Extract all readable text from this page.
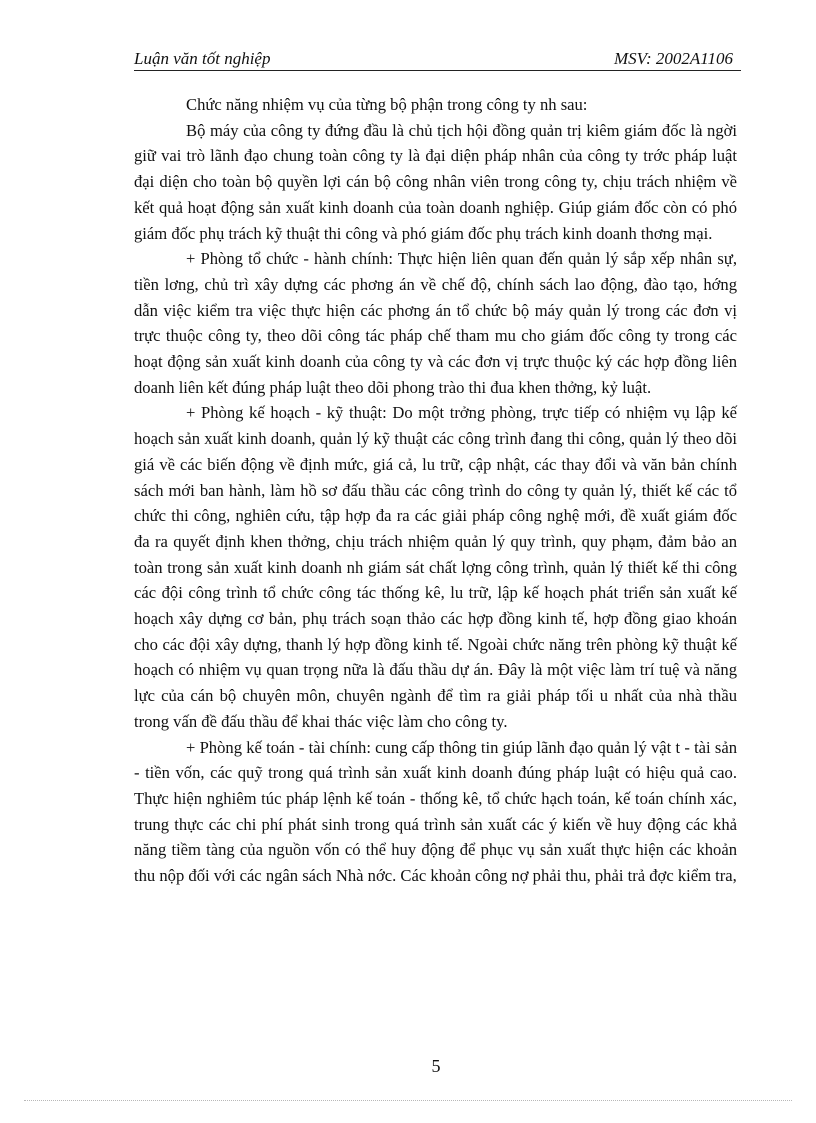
Luận văn tốt nghiệp	MSV: 2002A1106

Chức năng nhiệm vụ của từng bộ phận trong công ty nh sau:

Bộ máy của công ty đứng đầu là chủ tịch hội đồng quản trị kiêm giám đốc là ngời giữ vai trò lãnh đạo chung toàn công ty là đại diện pháp nhân của công ty trớc pháp luật đại diện cho toàn bộ quyền lợi cán bộ công nhân viên trong công ty, chịu trách nhiệm về kết quả hoạt động sản xuất kinh doanh của toàn doanh nghiệp. Giúp giám đốc còn có phó giám đốc phụ trách kỹ thuật thi công và phó giám đốc phụ trách kinh doanh thơng mại.

+ Phòng tổ chức - hành chính: Thực hiện liên quan đến quản lý sắp xếp nhân sự, tiền lơng, chủ trì xây dựng các phơng án về chế độ, chính sách lao động, đào tạo, hớng dẫn việc kiểm tra việc thực hiện các phơng án tổ chức bộ máy quản lý trong các đơn vị trực thuộc công ty, theo dõi công tác pháp chế tham mu cho giám đốc công ty trong các hoạt động sản xuất kinh doanh của công ty và các đơn vị trực thuộc ký các hợp đồng liên doanh liên kết đúng pháp luật theo dõi phong trào thi đua khen thởng, kỷ luật.

+ Phòng kế hoạch - kỹ thuật: Do một trởng phòng, trực tiếp có nhiệm vụ lập kế hoạch sản xuất kinh doanh, quản lý kỹ thuật các công trình đang thi công, quản lý theo dõi giá về các biến động về định mức, giá cả, lu trữ, cập nhật, các thay đổi và văn bản chính sách mới ban hành, làm hồ sơ đấu thầu các công trình do công ty quản lý, thiết kế các tổ chức thi công, nghiên cứu, tập hợp đa ra các giải pháp công nghệ mới, đề xuất giám đốc đa ra quyết định khen thởng, chịu trách nhiệm quản lý quy trình, quy phạm, đảm bảo an toàn trong sản xuất kinh doanh nh giám sát chất lợng công trình, quản lý thiết kế thi công các đội công trình tổ chức công tác thống kê, lu trữ, lập kế hoạch phát triển sản xuất kế hoạch xây dựng cơ bản, phụ trách soạn thảo các hợp đồng kinh tế, hợp đồng giao khoán cho các đội xây dựng, thanh lý hợp đồng kinh tế. Ngoài chức năng trên phòng kỹ thuật kế hoạch có nhiệm vụ quan trọng nữa là đấu thầu dự án. Đây là một việc làm trí tuệ và năng lực của cán bộ chuyên môn, chuyên ngành để tìm ra giải pháp tối u nhất của nhà thầu trong vấn đề đấu thầu để khai thác việc làm cho công ty.

+ Phòng kế toán - tài chính: cung cấp thông tin giúp lãnh đạo quản lý vật t - tài sản - tiền vốn, các quỹ trong quá trình sản xuất kinh doanh đúng pháp luật có hiệu quả cao. Thực hiện nghiêm túc pháp lệnh kế toán - thống kê, tổ chức hạch toán, kế toán chính xác, trung thực các chi phí phát sinh trong quá trình sản xuất các ý kiến về huy động các khả năng tiềm tàng của nguồn vốn có thể huy động để phục vụ sản xuất thực hiện các khoản thu nộp đối với các ngân sách Nhà nớc. Các khoản công nợ phải thu, phải trả đợc kiểm tra,

5
